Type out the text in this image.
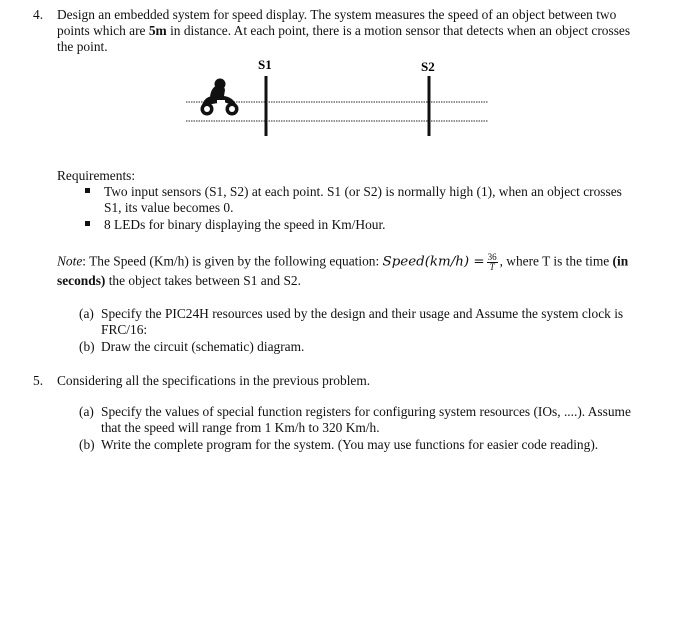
4. Design an embedded system for speed display. The system measures the speed of an object between two
points which are 5m in distance. At each point, there is a motion sensor that detects when an object crosses
the point.
S1	S2
Requirements:
Two input sensors (S1, S2) at each point. S1 (or S2) is normally high (1), when an object crosses
S1, its value becomes 0.
8 LEDs for binary displaying the speed in Km/Hour.
Note: The Speed (Km/h) is given by the following equation: Speed(km/h) = $\frac{36}{T}$ , where T is the time (in
seconds) the object takes between S1 and S2.
(a) Specify the PIC24H resources used by the design and their usage and Assume the system clock is
FRC/16:
(b) Draw the circuit (schematic) diagram.
5. Considering all the specifications in the previous problem.
(a) Specify the values of special function registers for configuring system resources (IOs, ....). Assume
that the speed will range from 1 Km/h to 320 Km/h.
(b) Write the complete program for the system. (You may use functions for easier code reading).
